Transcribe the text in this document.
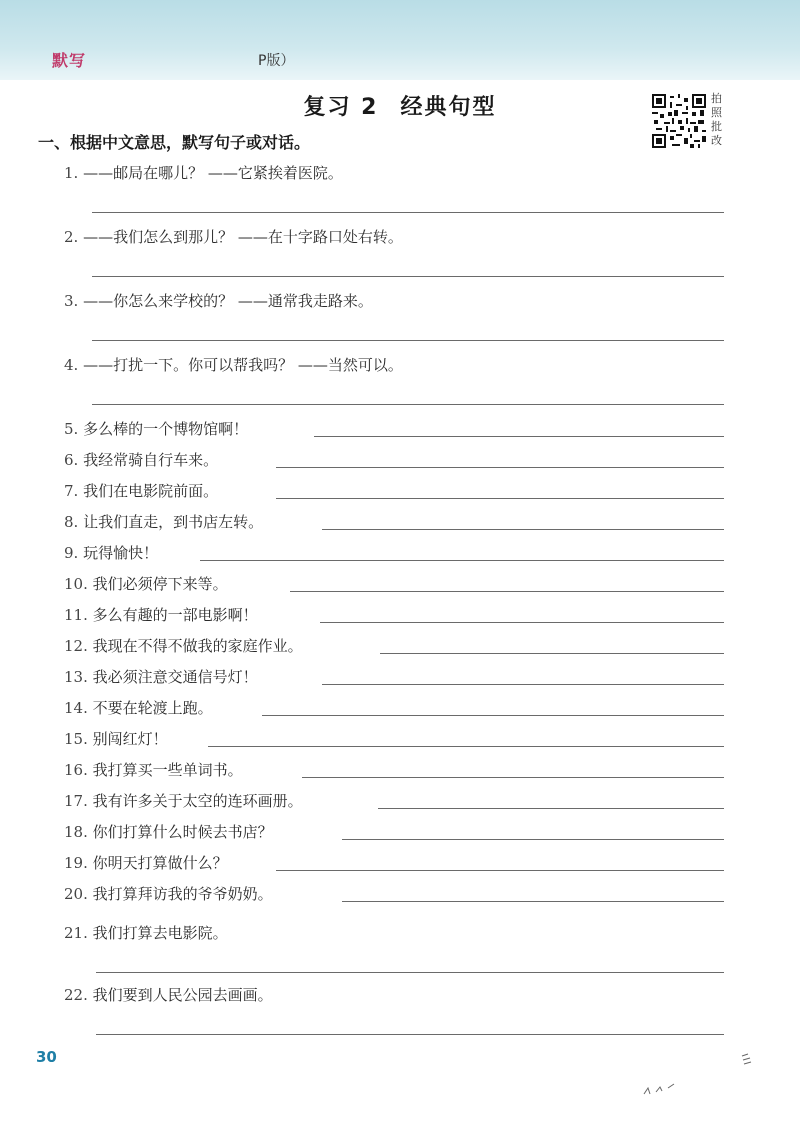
默写	P版）
复习 2 经典句型	拍
照
批
改
一、根据中文意思，默写句子或对话。
1. ——邮局在哪儿？ ——它紧挨着医院。
2. ——我们怎么到那儿？ ——在十字路口处右转。
3. ——你怎么来学校的？ ——通常我走路来。
4. ——打扰一下。你可以帮我吗？ ——当然可以。
5. 多么棒的一个博物馆啊！
6. 我经常骑自行车来。
7. 我们在电影院前面。
8. 让我们直走，到书店左转。
9. 玩得愉快！
10. 我们必须停下来等。
11. 多么有趣的一部电影啊！
12. 我现在不得不做我的家庭作业。
13. 我必须注意交通信号灯！
14. 不要在轮渡上跑。
15. 别闯红灯！
16. 我打算买一些单词书。
17. 我有许多关于太空的连环画册。
18. 你们打算什么时候去书店？
19. 你明天打算做什么？
20. 我打算拜访我的爷爷奶奶。
21. 我们打算去电影院。
22. 我们要到人民公园去画画。
30
